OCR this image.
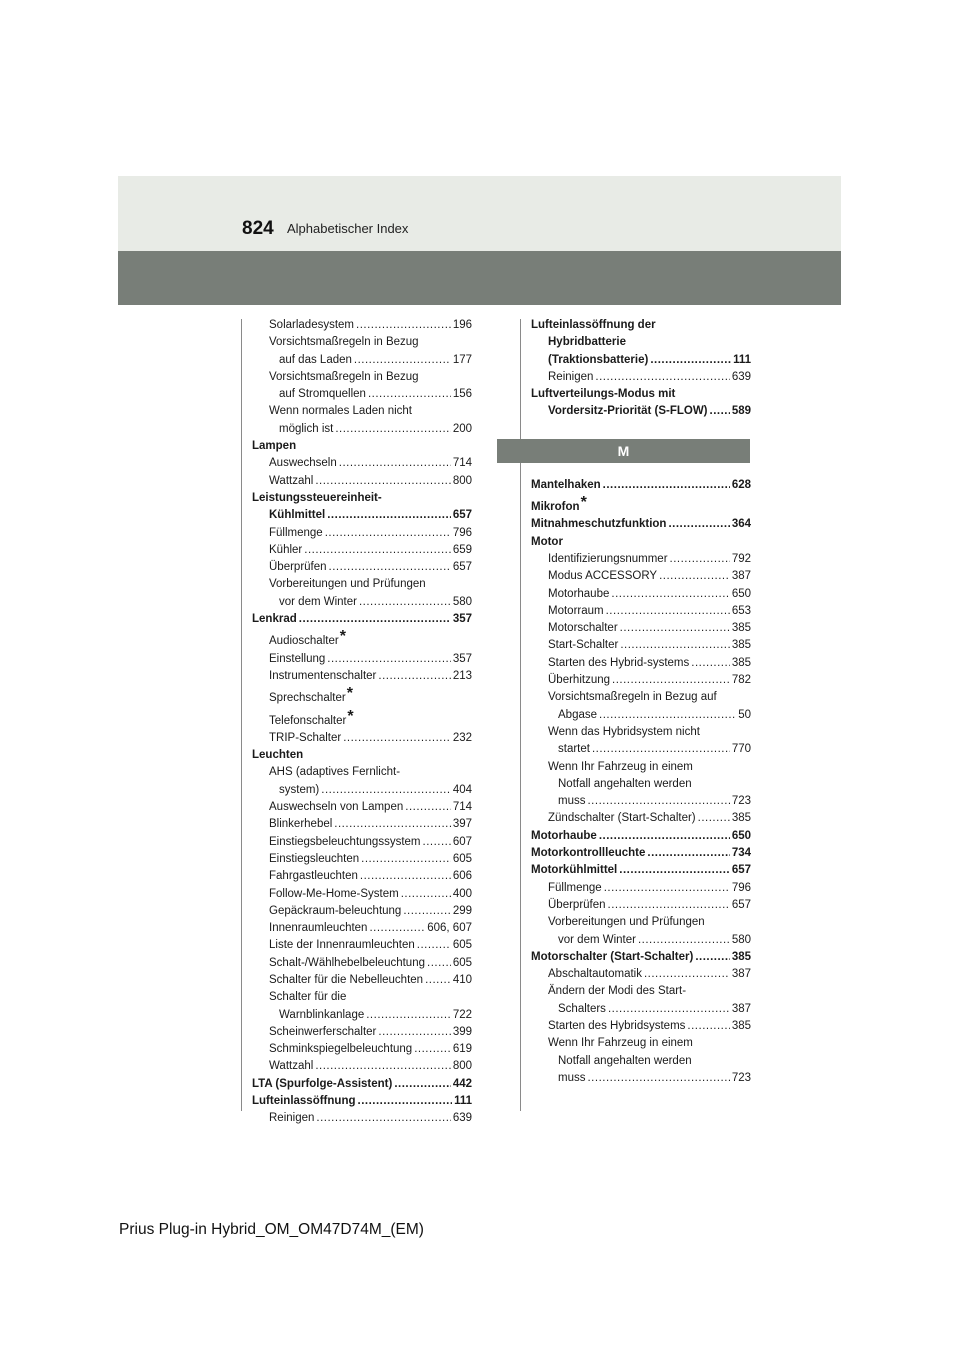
824 Alphabetischer Index
Solarladesystem .....	196
Vorsichtsmaßregeln in Bezug
auf das Laden .....	177
Vorsichtsmaßregeln in Bezug
auf Stromquellen .....	156
Wenn normales Laden nicht
möglich ist .....	200
Lampen
Auswechseln .....	714
Wattzahl .....	800
Leistungssteuereinheit-
Kühlmittel .....	657
Füllmenge .....	796
Kühler .....	659
Überprüfen .....	657
Vorbereitungen und Prüfungen
vor dem Winter .....	580
Lenkrad .....	357
Audioschalter*
Einstellung .....	357
Instrumentenschalter .....	213
Sprechschalter*
Telefonschalter*
TRIP-Schalter .....	232
Leuchten
AHS (adaptives Fernlicht-
system) .....	404
Auswechseln von Lampen .....	714
Blinkerhebel .....	397
Einstiegsbeleuchtungssystem .....	607
Einstiegsleuchten .....	605
Fahrgastleuchten .....	606
Follow-Me-Home-System .....	400
Gepäckraum-beleuchtung .....	299
Innenraumleuchten .....	606, 607
Liste der Innenraumleuchten .....	605
Schalt-/Wählhebelbeleuchtung ..... 605
Schalter für die Nebelleuchten .....	410
Schalter für die
Warnblinkanlage .....	722
Scheinwerferschalter .....	399
Schminkspiegelbeleuchtung .....	619
Wattzahl .....	800
LTA (Spurfolge-Assistent) .....	442
Lufteinlassöffnung .....	111
Reinigen .....	639
Lufteinlassöffnung der
Hybridbatterie
(Traktionsbatterie) .....	111
Reinigen .....	639
Luftverteilungs-Modus mit
Vordersitz-Priorität (S-FLOW) ..... 589
M
Mantelhaken .....	628
Mikrofon*
Mitnahmeschutzfunktion .....	364
Motor
Identifizierungsnummer .....	792
Modus ACCESSORY .....	387
Motorhaube .....	650
Motorraum .....	653
Motorschalter .....	385
Start-Schalter .....	385
Starten des Hybrid-systems .....	385
Überhitzung .....	782
Vorsichtsmaßregeln in Bezug auf
Abgase .....	50
Wenn das Hybridsystem nicht
startet .....	770
Wenn Ihr Fahrzeug in einem
Notfall angehalten werden
muss .....	723
Zündschalter (Start-Schalter) .....	385
Motorhaube .....	650
Motorkontrollleuchte .....	734
Motorkühlmittel .....	657
Füllmenge .....	796
Überprüfen .....	657
Vorbereitungen und Prüfungen
vor dem Winter .....	580
Motorschalter (Start-Schalter) .....	385
Abschaltautomatik .....	387
Ändern der Modi des Start-
Schalters .....	387
Starten des Hybridsystems .....	385
Wenn Ihr Fahrzeug in einem
Notfall angehalten werden
muss .....	723
Prius Plug-in Hybrid_OM_OM47D74M_(EM)
